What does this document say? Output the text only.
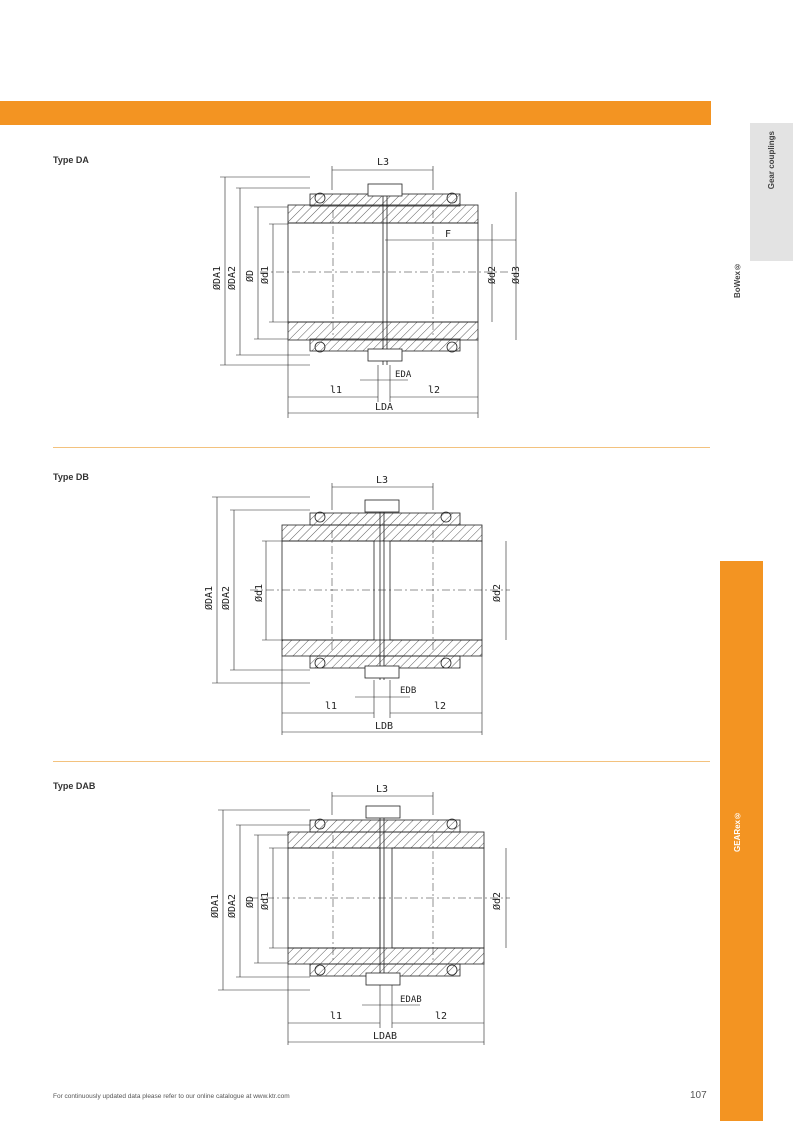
Gear couplings
BoWex®
GEARex®
Type DA	L3
F
ØDA1 ØDA2 ØD Ød1	Ød2 Ød3
EDA
l1	l2
LDA
Type DB	L3
ØDA1 ØDA2 Ød1	Ød2
EDB
l1	l2
LDB
Type DAB	L3
ØDA1 ØDA2 ØD Ød1	Ød2
EDAB
l1	l2
LDAB
For continuously updated data please refer to our online catalogue at www.ktr.com	107
